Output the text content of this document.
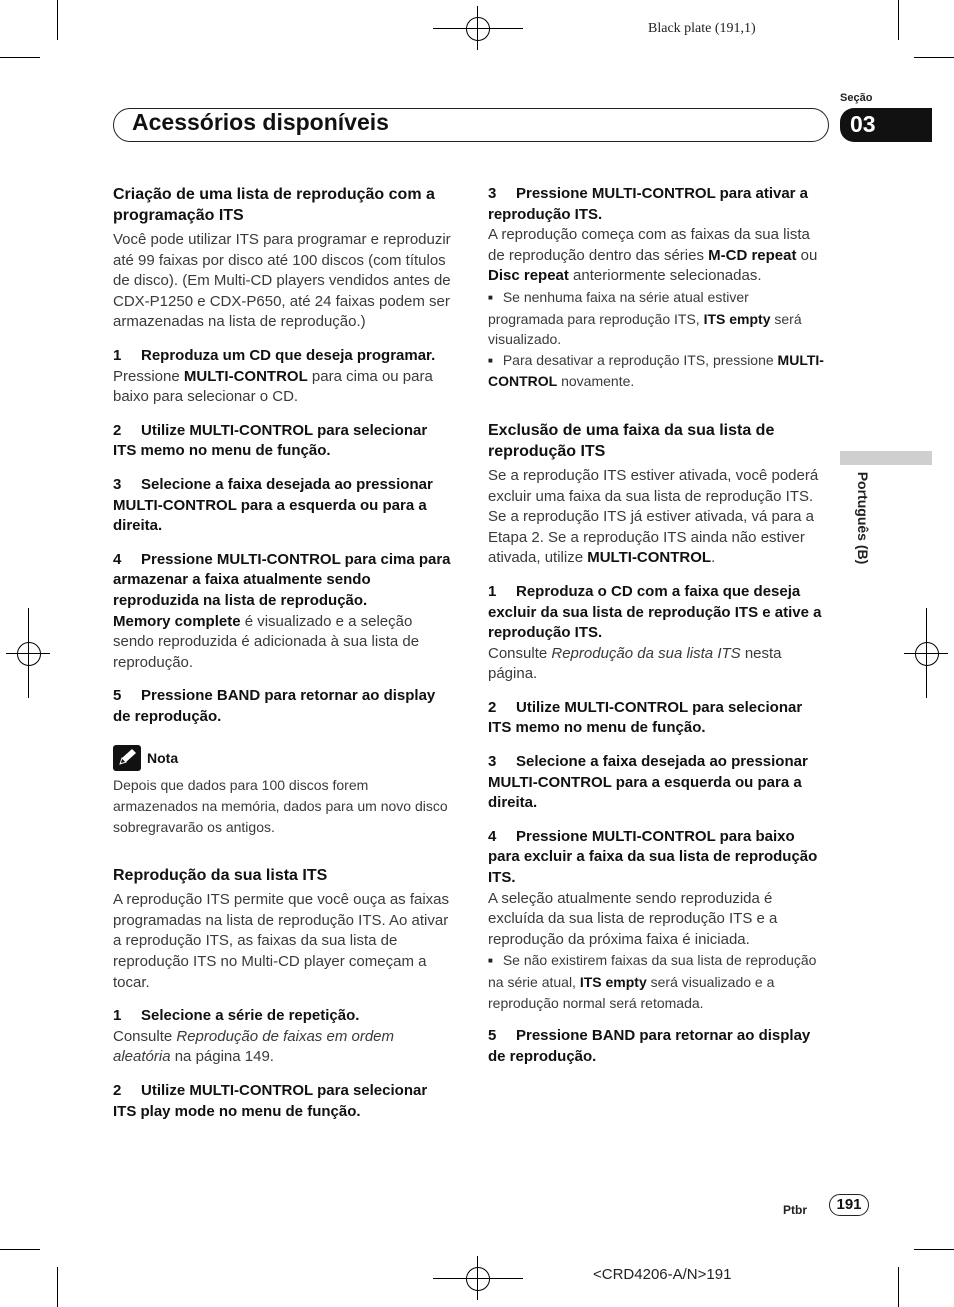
Black plate (191,1)
Acessórios disponíveis
Seção
03
Português (B)

Criação de uma lista de reprodução com a programação ITS

Você pode utilizar ITS para programar e reproduzir até 99 faixas por disco até 100 discos (com títulos de disco). (Em Multi-CD players vendidos antes de CDX-P1250 e CDX-P650, até 24 faixas podem ser armazenadas na lista de reprodução.)

1 Reproduza um CD que deseja programar.

Pressione MULTI-CONTROL para cima ou para baixo para selecionar o CD.

2 Utilize MULTI-CONTROL para selecionar ITS memo no menu de função.

3 Selecione a faixa desejada ao pressionar MULTI-CONTROL para a esquerda ou para a direita.

4 Pressione MULTI-CONTROL para cima para armazenar a faixa atualmente sendo reproduzida na lista de reprodução.

Memory complete é visualizado e a seleção sendo reproduzida é adicionada à sua lista de reprodução.

5 Pressione BAND para retornar ao display de reprodução.

Nota

Depois que dados para 100 discos forem armazenados na memória, dados para um novo disco sobregravarão os antigos.

Reprodução da sua lista ITS

A reprodução ITS permite que você ouça as faixas programadas na lista de reprodução ITS. Ao ativar a reprodução ITS, as faixas da sua lista de reprodução ITS no Multi-CD player começam a tocar.

1 Selecione a série de repetição.

Consulte Reprodução de faixas em ordem aleatória na página 149.

2 Utilize MULTI-CONTROL para selecionar ITS play mode no menu de função.

3 Pressione MULTI-CONTROL para ativar a reprodução ITS.

A reprodução começa com as faixas da sua lista de reprodução dentro das séries M-CD repeat ou Disc repeat anteriormente selecionadas.

■ Se nenhuma faixa na série atual estiver programada para reprodução ITS, ITS empty será visualizado.

■ Para desativar a reprodução ITS, pressione MULTI-CONTROL novamente.

Exclusão de uma faixa da sua lista de reprodução ITS

Se a reprodução ITS estiver ativada, você poderá excluir uma faixa da sua lista de reprodução ITS.

Se a reprodução ITS já estiver ativada, vá para a Etapa 2. Se a reprodução ITS ainda não estiver ativada, utilize MULTI-CONTROL.

1 Reproduza o CD com a faixa que deseja excluir da sua lista de reprodução ITS e ative a reprodução ITS.

Consulte Reprodução da sua lista ITS nesta página.

2 Utilize MULTI-CONTROL para selecionar ITS memo no menu de função.

3 Selecione a faixa desejada ao pressionar MULTI-CONTROL para a esquerda ou para a direita.

4 Pressione MULTI-CONTROL para baixo para excluir a faixa da sua lista de reprodução ITS.

A seleção atualmente sendo reproduzida é excluída da sua lista de reprodução ITS e a reprodução da próxima faixa é iniciada.

■ Se não existirem faixas da sua lista de reprodução na série atual, ITS empty será visualizado e a reprodução normal será retomada.

5 Pressione BAND para retornar ao display de reprodução.

Ptbr	191
<CRD4206-A/N>191
